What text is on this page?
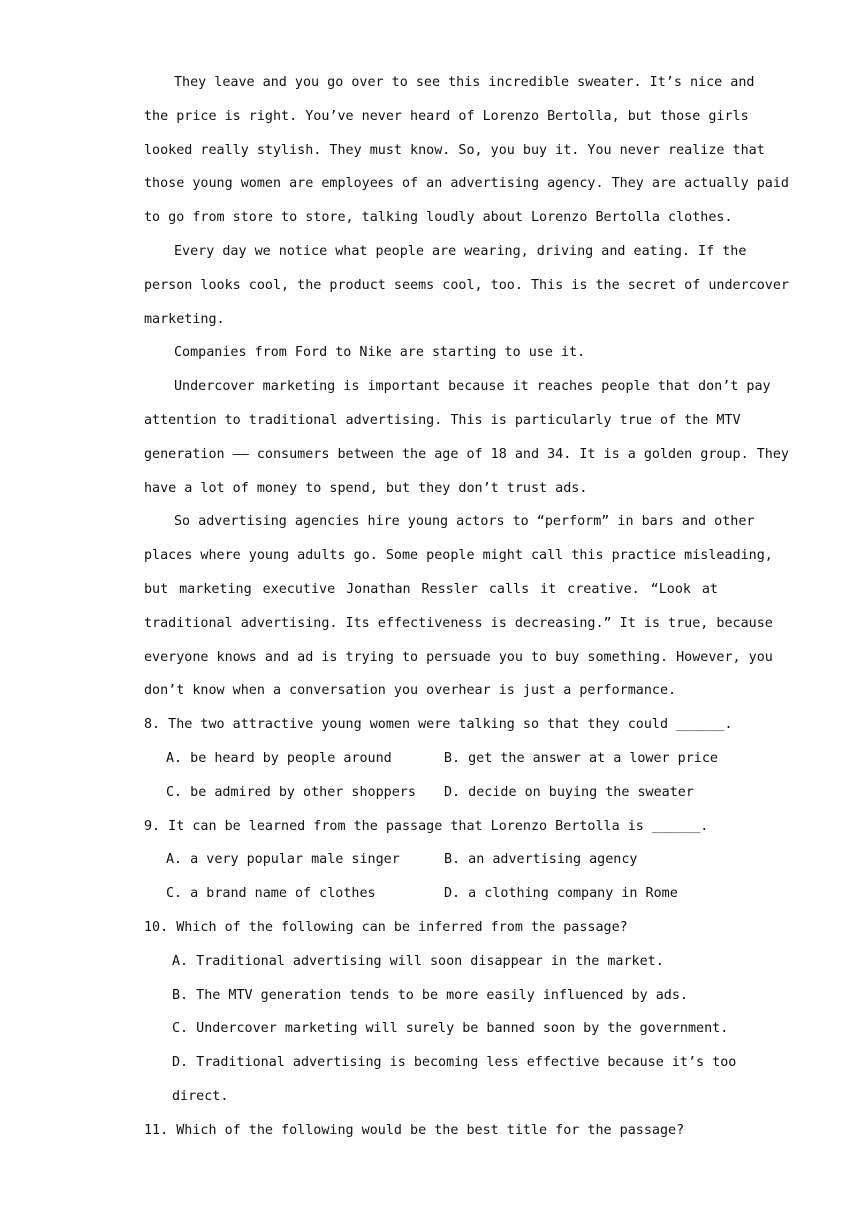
They leave and you go over to see this incredible sweater. It’s nice and
the price is right. You’ve never heard of Lorenzo Bertolla, but those girls
looked really stylish. They must know. So, you buy it. You never realize that
those young women are employees of an advertising agency. They are actually paid
to go from store to store, talking loudly about Lorenzo Bertolla clothes.
Every day we notice what people are wearing, driving and eating. If the
person looks cool, the product seems cool, too. This is the secret of undercover
marketing.
Companies from Ford to Nike are starting to use it.
Undercover marketing is important because it reaches people that don’t pay
attention to traditional advertising. This is particularly true of the MTV
generation —— consumers between the age of 18 and 34. It is a golden group. They
have a lot of money to spend, but they don’t trust ads.
So advertising agencies hire young actors to “perform” in bars and other
places where young adults go. Some people might call this practice misleading,
but marketing executive Jonathan Ressler calls it creative. “Look at
traditional advertising. Its effectiveness is decreasing.” It is true, because
everyone knows and ad is trying to persuade you to buy something. However, you
don’t know when a conversation you overhear is just a performance.
8. The two attractive young women were talking so that they could ______.
A. be heard by people around	B. get the answer at a lower price
C. be admired by other shoppers	D. decide on buying the sweater
9. It can be learned from the passage that Lorenzo Bertolla is ______.
A. a very popular male singer	B. an advertising agency
C. a brand name of clothes	D. a clothing company in Rome
10. Which of the following can be inferred from the passage?
A. Traditional advertising will soon disappear in the market.
B. The MTV generation tends to be more easily influenced by ads.
C. Undercover marketing will surely be banned soon by the government.
D. Traditional advertising is becoming less effective because it’s too
direct.
11. Which of the following would be the best title for the passage?
